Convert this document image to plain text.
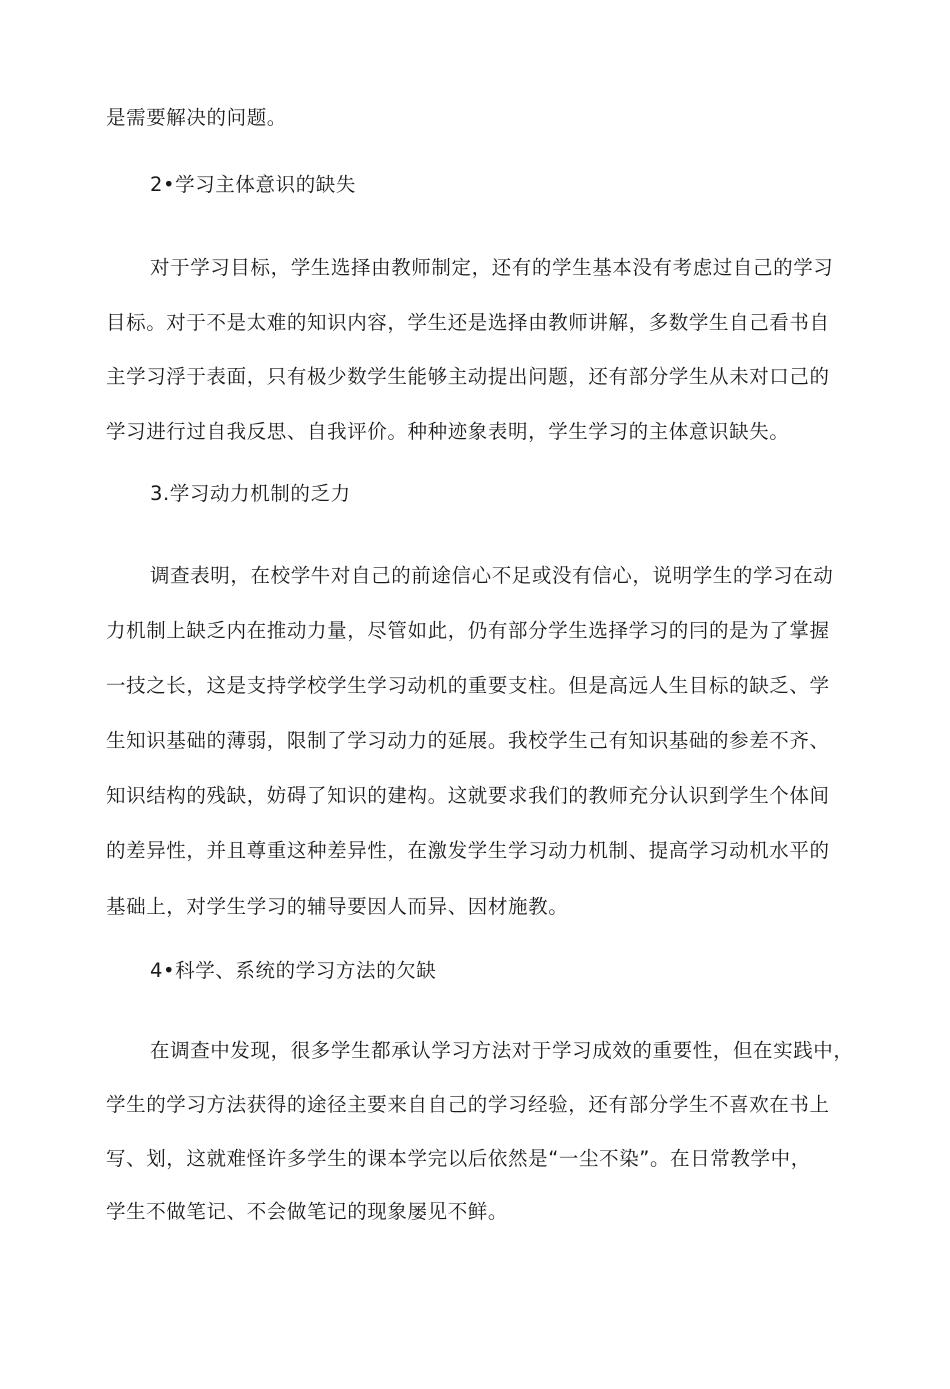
是需要解决的问题。
2•学习主体意识的缺失
对于学习目标，学生选择由教师制定，还有的学生基本没有考虑过自己的学习
目标。对于不是太难的知识内容，学生还是选择由教师讲解，多数学生自己看书自
主学习浮于表面，只有极少数学生能够主动提出问题，还有部分学生从未对口己的
学习进行过自我反思、自我评价。种种迹象表明，学生学习的主体意识缺失。
3.学习动力机制的乏力
调查表明，在校学牛对自己的前途信心不足或没有信心，说明学生的学习在动
力机制上缺乏内在推动力量，尽管如此，仍有部分学生选择学习的冃的是为了掌握
一技之长，这是支持学校学生学习动机的重要支柱。但是高远人生目标的缺乏、学
生知识基础的薄弱，限制了学习动力的延展。我校学生己有知识基础的参差不齐、
知识结构的残缺，妨碍了知识的建构。这就要求我们的教师充分认识到学生个体间
的差异性，并且尊重这种差异性，在激发学生学习动力机制、提高学习动机水平的
基础上，对学生学习的辅导要因人而异、因材施教。
4•科学、系统的学习方法的欠缺
在调查中发现，很多学生都承认学习方法对于学习成效的重要性，但在实践中，
学生的学习方法获得的途径主要来自自己的学习经验，还有部分学生不喜欢在书上
写、划，这就难怪许多学生的课本学完以后依然是“一尘不染”。在日常教学中，
学生不做笔记、不会做笔记的现象屡见不鲜。
